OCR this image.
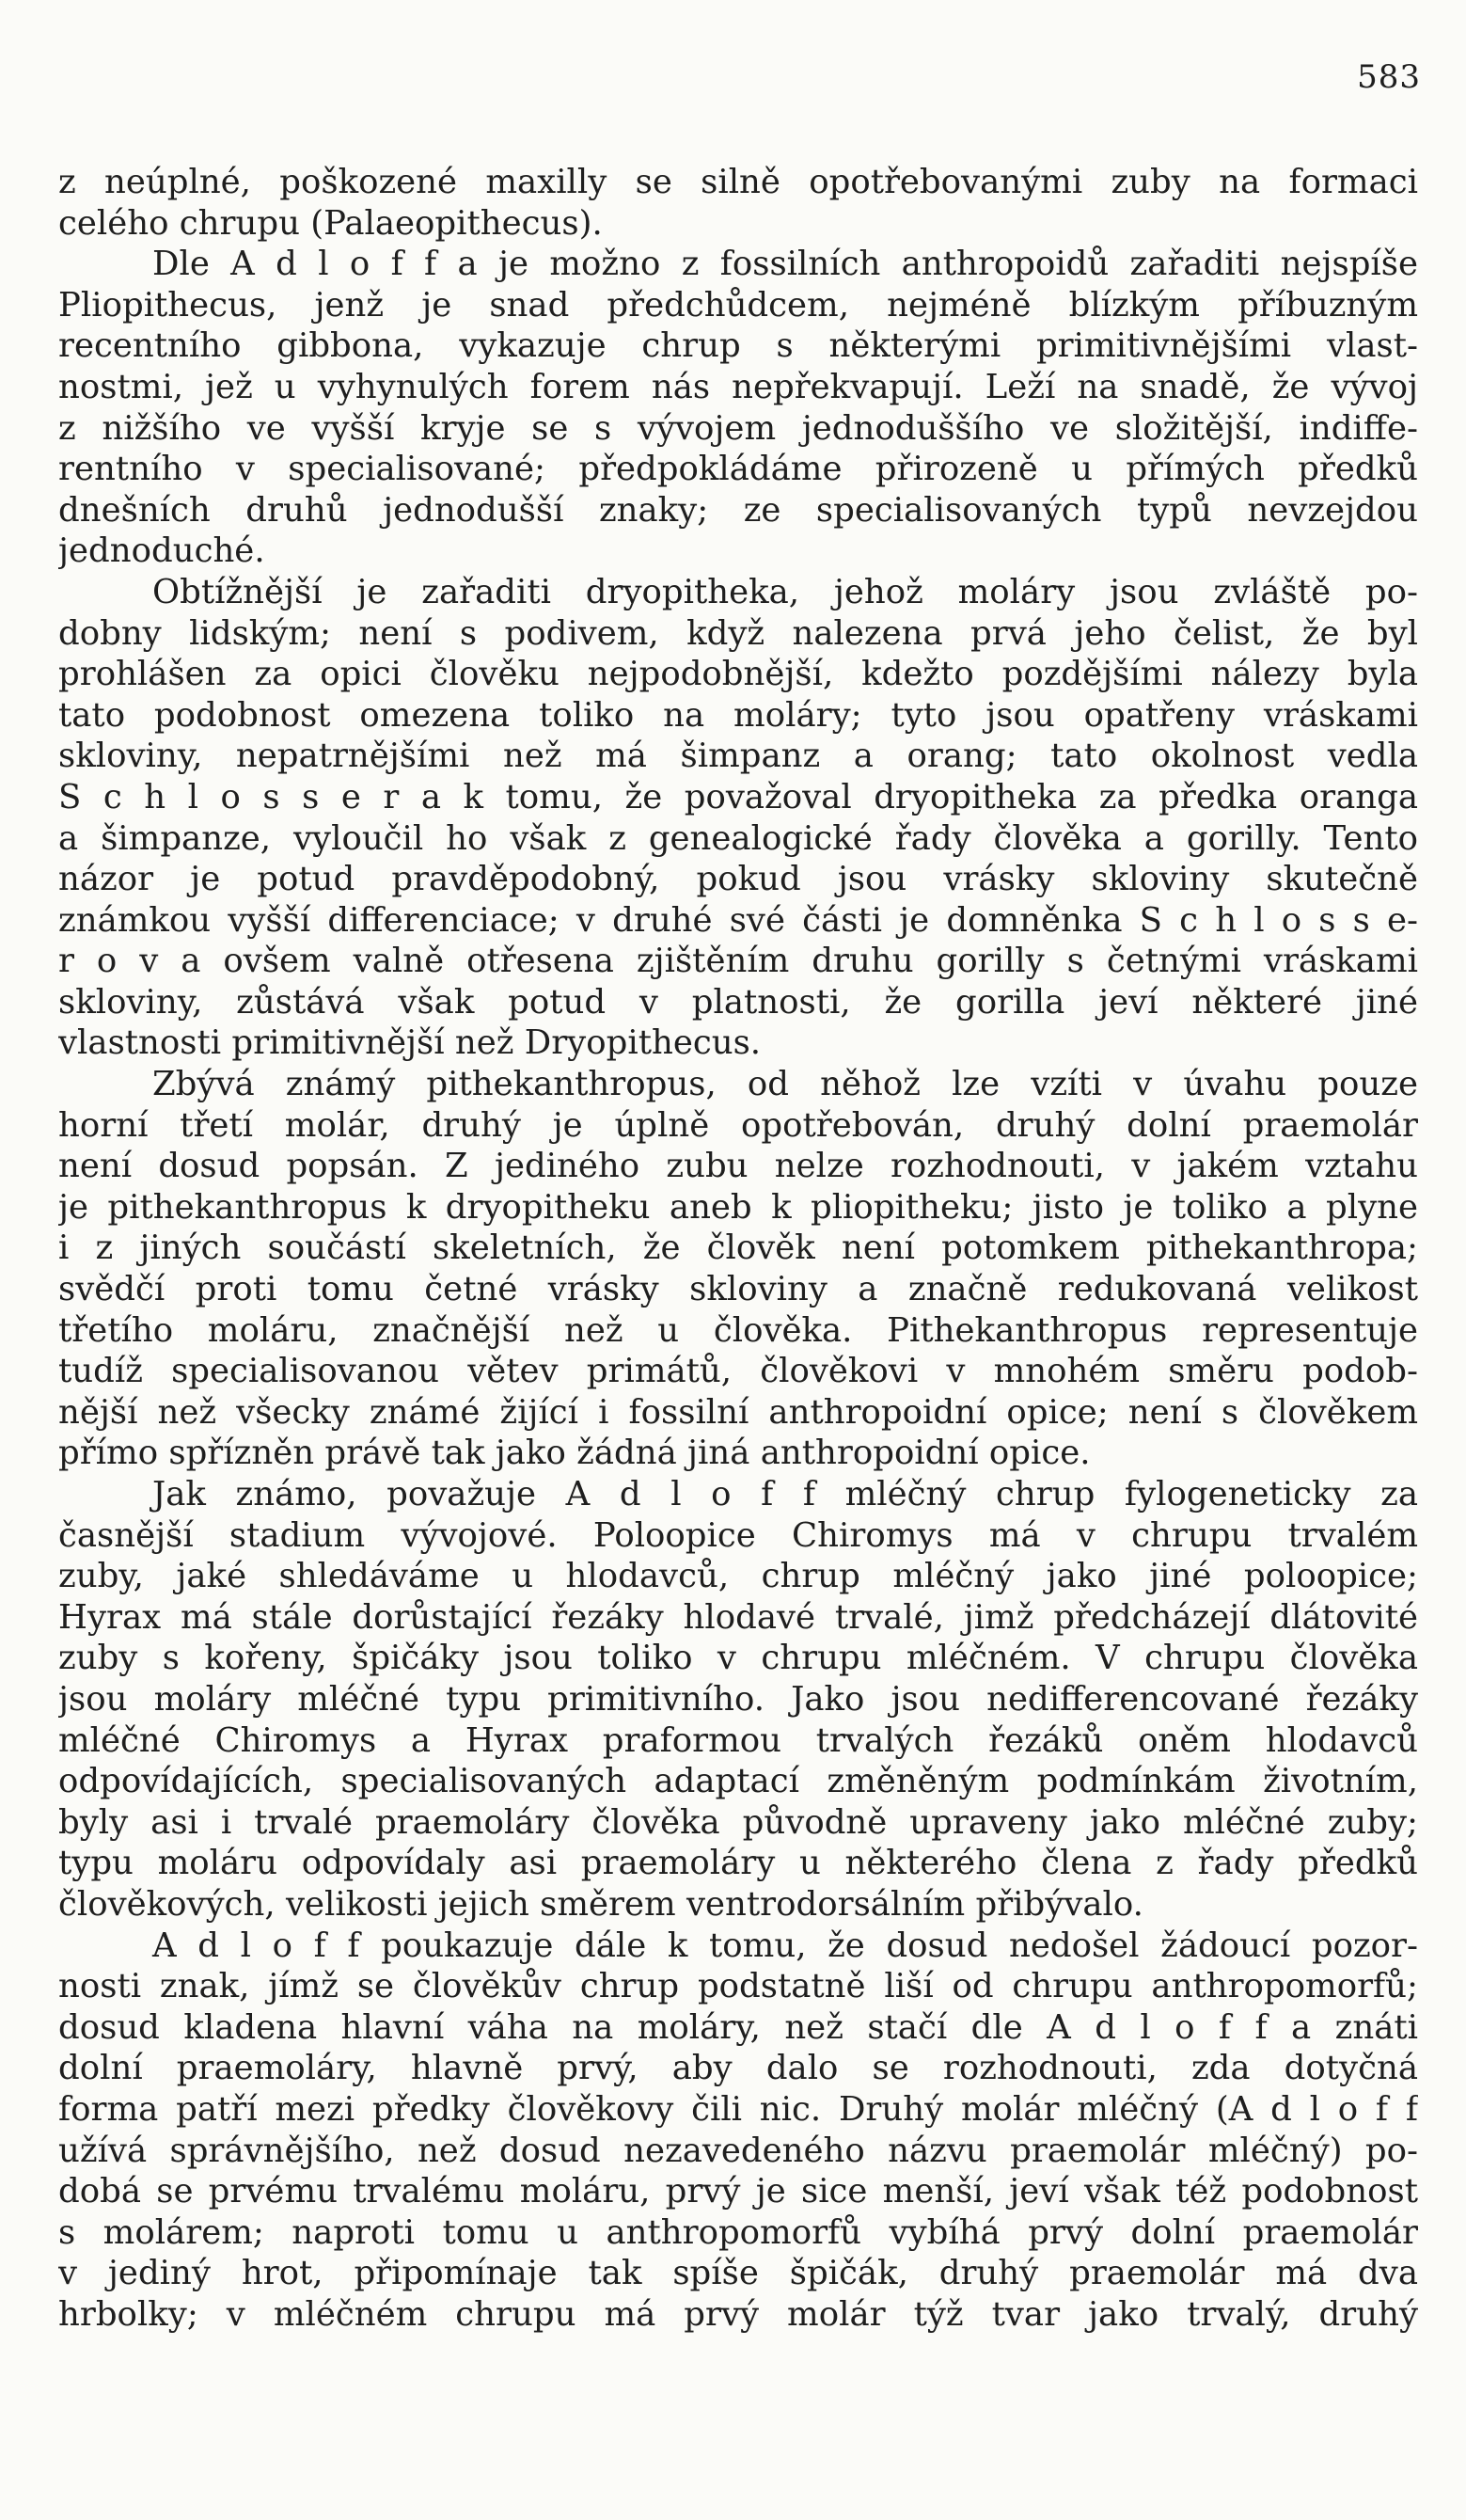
583
z neúplné, poškozené maxilly se silně opotřebovanými zuby na formaci
celého chrupu (Palaeopithecus).
Dle A d l o f f a je možno z fossilních anthropoidů zařaditi nejspíše
Pliopithecus, jenž je snad předchůdcem, nejméně blízkým příbuzným
recentního gibbona, vykazuje chrup s některými primitivnějšími vlast-
nostmi, jež u vyhynulých forem nás nepřekvapují. Leží na snadě, že vývoj
z nižšího ve vyšší kryje se s vývojem jednoduššího ve složitější, indiffe-
rentního v specialisované; předpokládáme přirozeně u přímých předků
dnešních druhů jednodušší znaky; ze specialisovaných typů nevzejdou
jednoduché.
Obtížnější je zařaditi dryopitheka, jehož moláry jsou zvláště po-
dobny lidským; není s podivem, když nalezena prvá jeho čelist, že byl
prohlášen za opici člověku nejpodobnější, kdežto pozdějšími nálezy byla
tato podobnost omezena toliko na moláry; tyto jsou opatřeny vráskami
skloviny, nepatrnějšími než má šimpanz a orang; tato okolnost vedla
S c h l o s s e r a k tomu, že považoval dryopitheka za předka oranga
a šimpanze, vyloučil ho však z genealogické řady člověka a gorilly. Tento
názor je potud pravděpodobný, pokud jsou vrásky skloviny skutečně
známkou vyšší differenciace; v druhé své části je domněnka S c h l o s s e-
r o v a ovšem valně otřesena zjištěním druhu gorilly s četnými vráskami
skloviny, zůstává však potud v platnosti, že gorilla jeví některé jiné
vlastnosti primitivnější než Dryopithecus.
Zbývá známý pithekanthropus, od něhož lze vzíti v úvahu pouze
horní třetí molár, druhý je úplně opotřebován, druhý dolní praemolár
není dosud popsán. Z jediného zubu nelze rozhodnouti, v jakém vztahu
je pithekanthropus k dryopitheku aneb k pliopitheku; jisto je toliko a plyne
i z jiných součástí skeletních, že člověk není potomkem pithekanthropa;
svědčí proti tomu četné vrásky skloviny a značně redukovaná velikost
třetího moláru, značnější než u člověka. Pithekanthropus representuje
tudíž specialisovanou větev primátů, člověkovi v mnohém směru podob-
nější než všecky známé žijící i fossilní anthropoidní opice; není s člověkem
přímo spřízněn právě tak jako žádná jiná anthropoidní opice.
Jak známo, považuje A d l o f f mléčný chrup fylogeneticky za
časnější stadium vývojové. Poloopice Chiromys má v chrupu trvalém
zuby, jaké shledáváme u hlodavců, chrup mléčný jako jiné poloopice;
Hyrax má stále dorůstající řezáky hlodavé trvalé, jimž předcházejí dlátovité
zuby s kořeny, špičáky jsou toliko v chrupu mléčném. V chrupu člověka
jsou moláry mléčné typu primitivního. Jako jsou nedifferencované řezáky
mléčné Chiromys a Hyrax praformou trvalých řezáků oněm hlodavců
odpovídajících, specialisovaných adaptací změněným podmínkám životním,
byly asi i trvalé praemoláry člověka původně upraveny jako mléčné zuby;
typu moláru odpovídaly asi praemoláry u některého člena z řady předků
člověkových, velikosti jejich směrem ventrodorsálním přibývalo.
A d l o f f poukazuje dále k tomu, že dosud nedošel žádoucí pozor-
nosti znak, jímž se člověkův chrup podstatně liší od chrupu anthropomorfů;
dosud kladena hlavní váha na moláry, než stačí dle A d l o f f a znáti
dolní praemoláry, hlavně prvý, aby dalo se rozhodnouti, zda dotyčná
forma patří mezi předky člověkovy čili nic. Druhý molár mléčný (A d l o f f
užívá správnějšího, než dosud nezavedeného názvu praemolár mléčný) po-
dobá se prvému trvalému moláru, prvý je sice menší, jeví však též podobnost
s molárem; naproti tomu u anthropomorfů vybíhá prvý dolní praemolár
v jediný hrot, připomínaje tak spíše špičák, druhý praemolár má dva
hrbolky; v mléčném chrupu má prvý molár týž tvar jako trvalý, druhý
